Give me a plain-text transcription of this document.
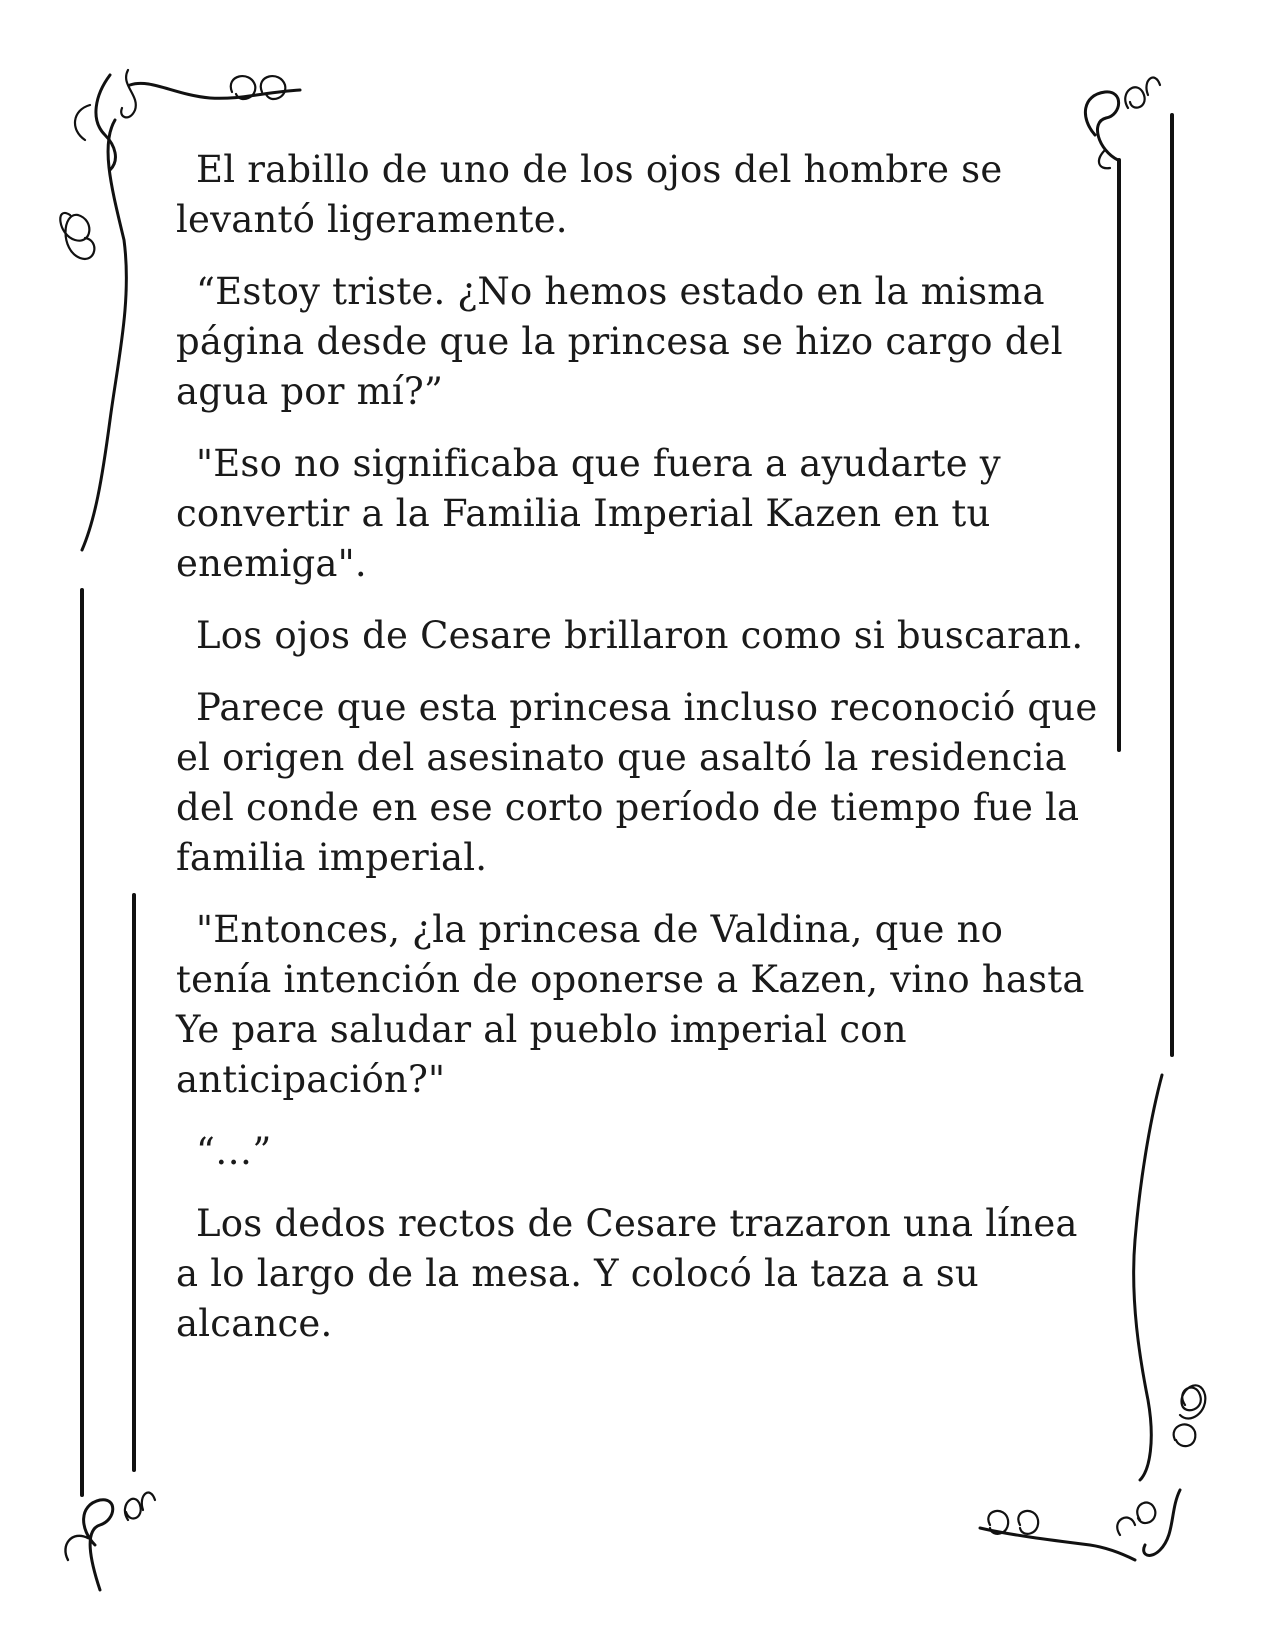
El rabillo de uno de los ojos del hombre se levantó ligeramente.

“Estoy triste. ¿No hemos estado en la misma página desde que la princesa se hizo cargo del agua por mí?”

"Eso no significaba que fuera a ayudarte y convertir a la Familia Imperial Kazen en tu enemiga".

Los ojos de Cesare brillaron como si buscaran.

Parece que esta princesa incluso reconoció que el origen del asesinato que asaltó la residencia del conde en ese corto período de tiempo fue la familia imperial.

"Entonces, ¿la princesa de Valdina, que no tenía intención de oponerse a Kazen, vino hasta Ye para saludar al pueblo imperial con anticipación?"

“…”

Los dedos rectos de Cesare trazaron una línea a lo largo de la mesa. Y colocó la taza a su alcance.
